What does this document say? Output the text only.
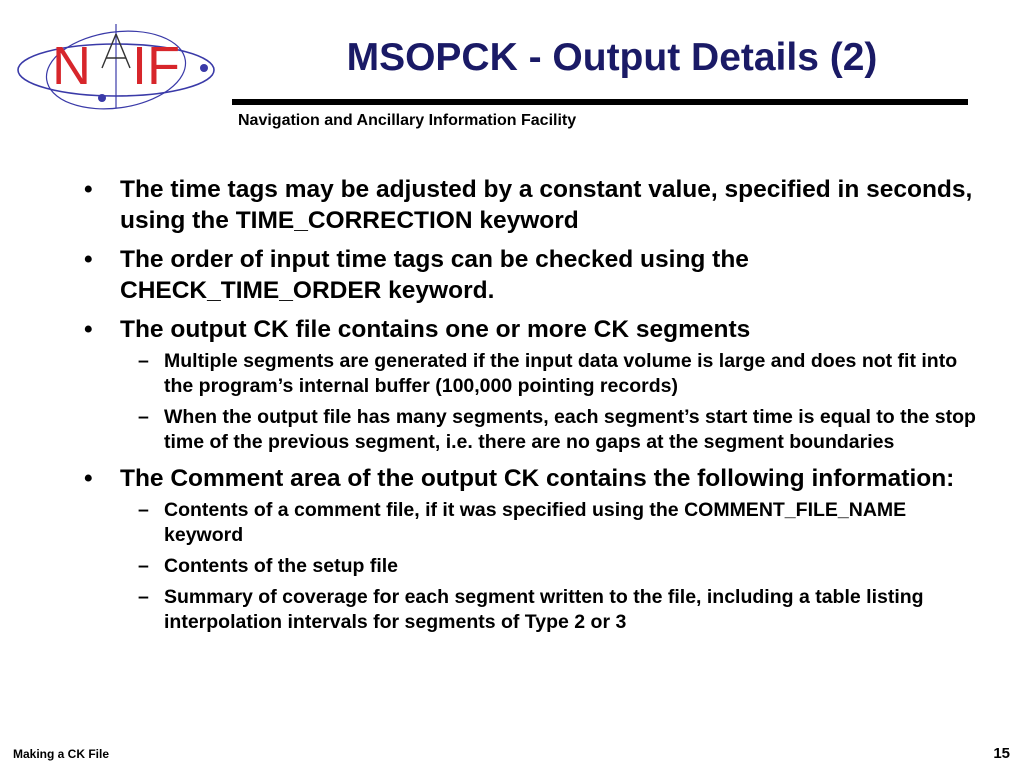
N IF	MSOPCK - Output Details (2)
Navigation and Ancillary Information Facility
• The time tags may be adjusted by a constant value, specified in seconds, using the TIME_CORRECTION keyword
• The order of input time tags can be checked using the CHECK_TIME_ORDER keyword.
• The output CK file contains one or more CK segments
– Multiple segments are generated if the input data volume is large and does not fit into the program’s internal buffer (100,000 pointing records)
– When the output file has many segments, each segment’s start time is equal to the stop time of the previous segment, i.e. there are no gaps at the segment boundaries
• The Comment area of the output CK contains the following information:
– Contents of a comment file, if it was specified using the COMMENT_FILE_NAME keyword
– Contents of the setup file
– Summary of coverage for each segment written to the file, including a table listing interpolation intervals for segments of Type 2 or 3
Making a CK File	15
